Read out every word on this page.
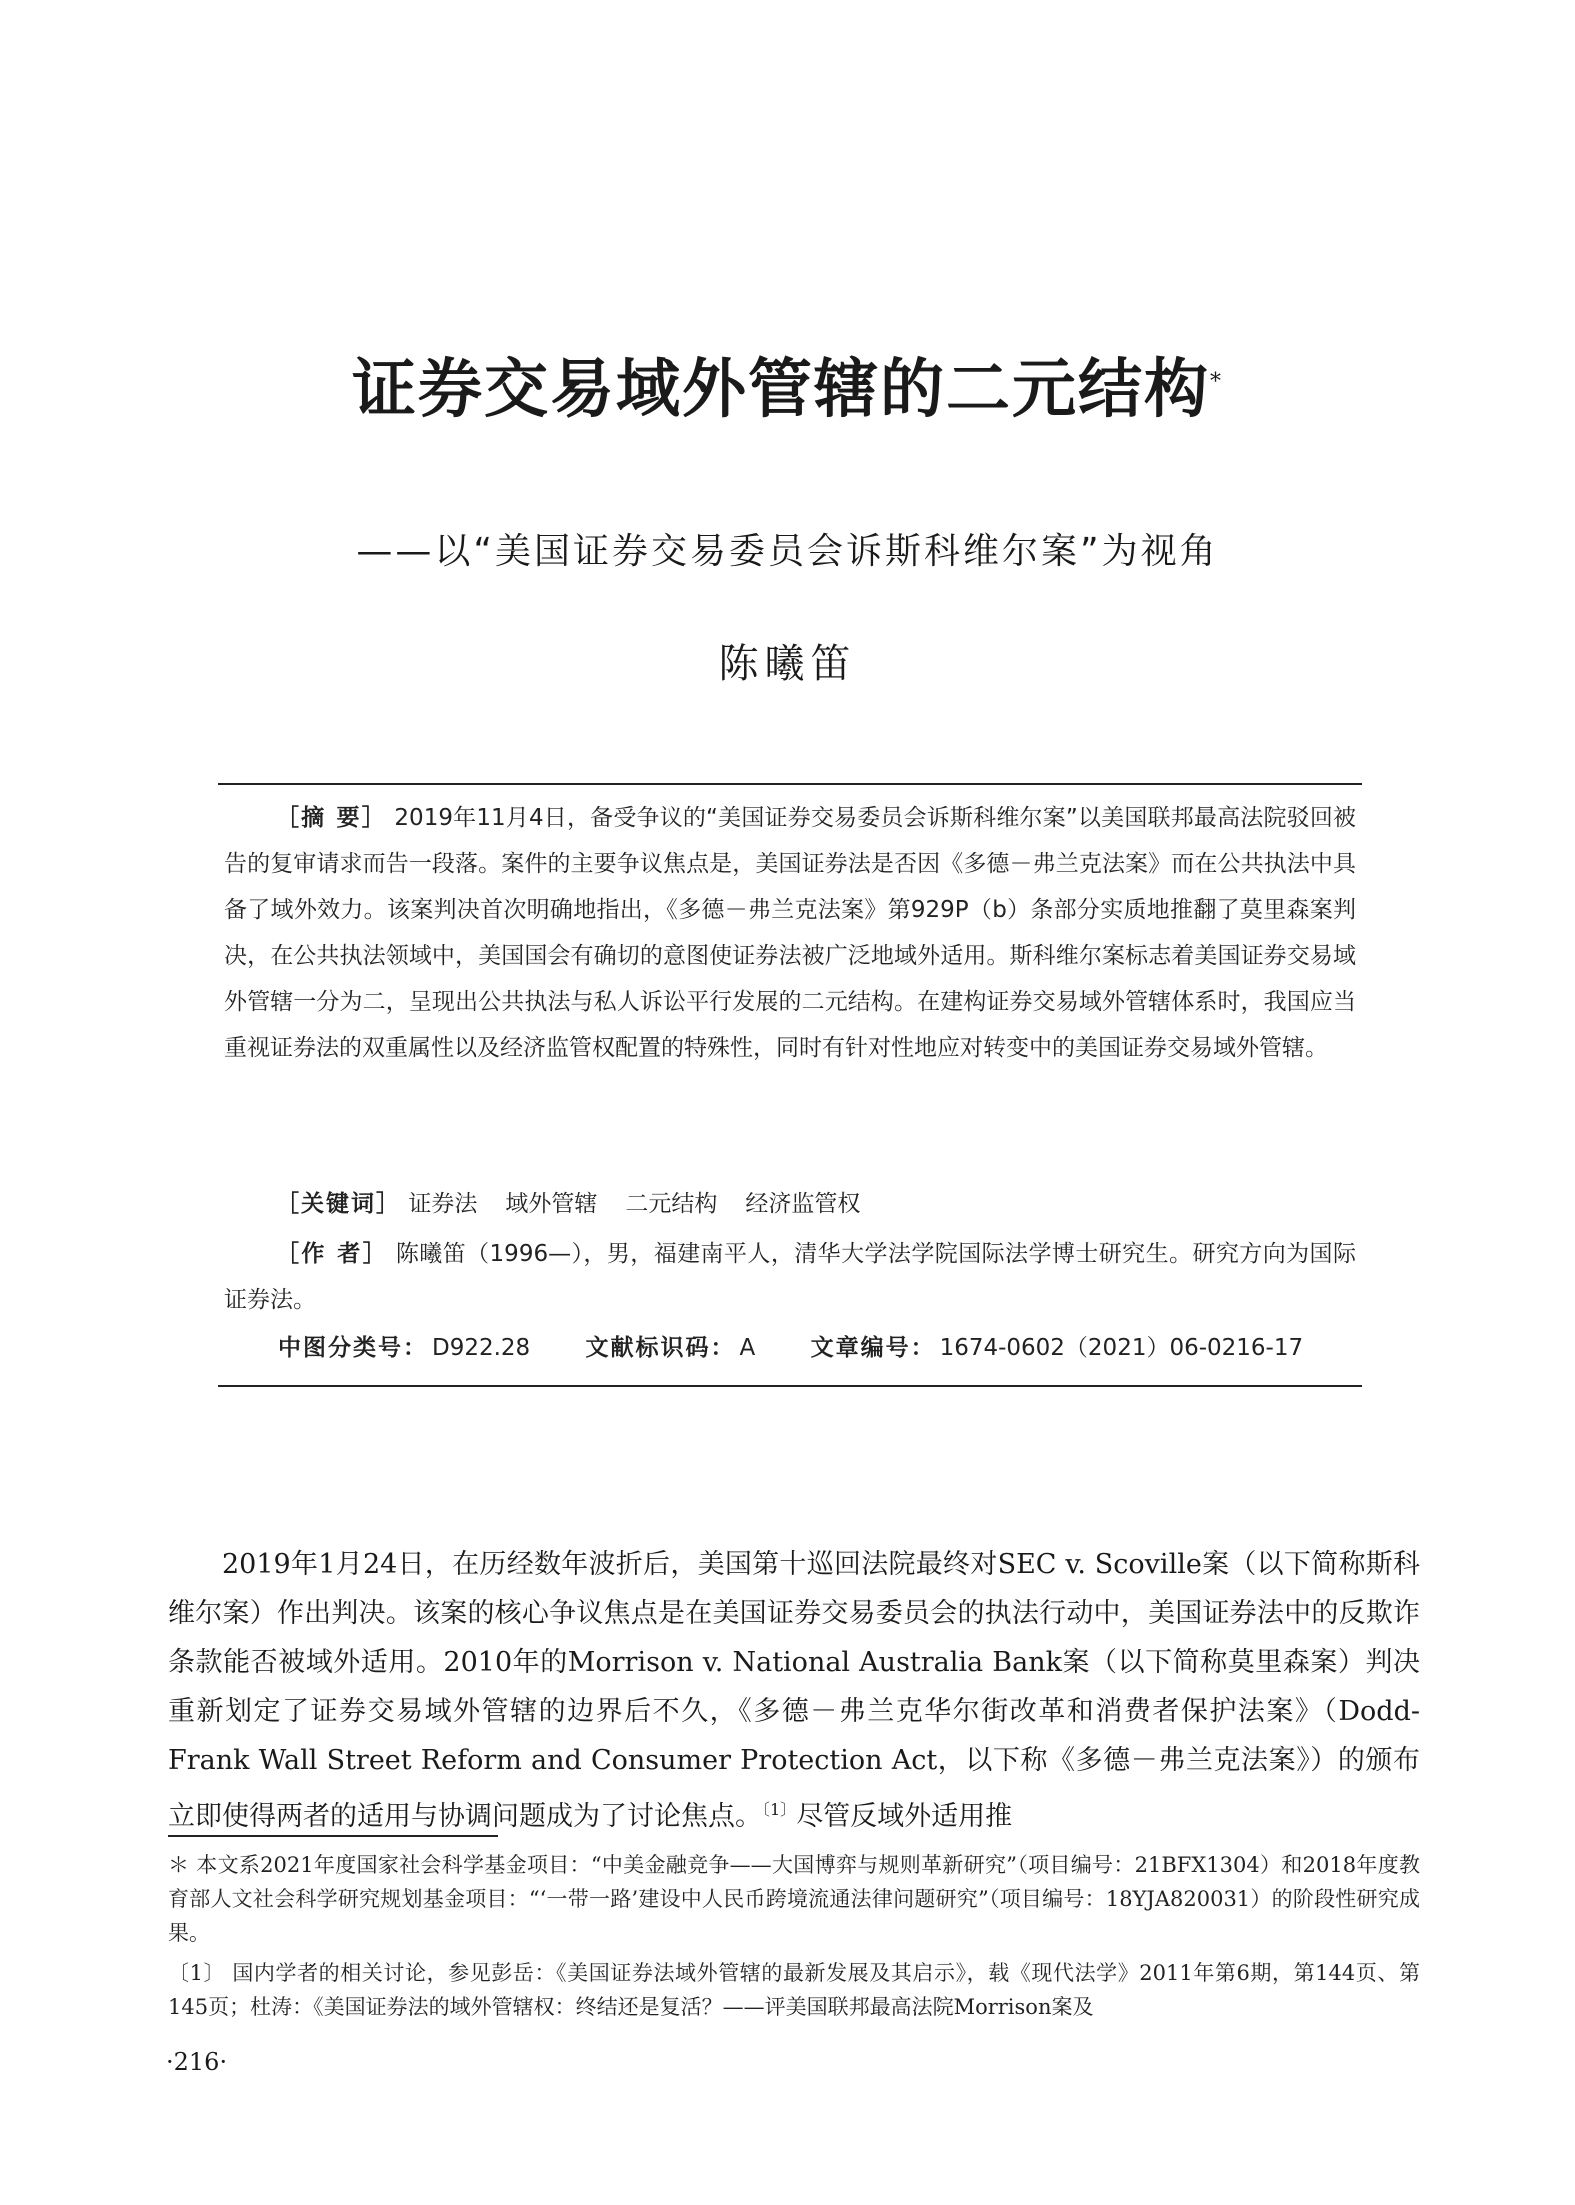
证券交易域外管辖的二元结构*
——以“美国证券交易委员会诉斯科维尔案”为视角
陈曦笛
［摘 要］ 2019年11月4日，备受争议的“美国证券交易委员会诉斯科维尔案”以美国联邦最高法院驳回被告的复审请求而告一段落。案件的主要争议焦点是，美国证券法是否因《多德－弗兰克法案》而在公共执法中具备了域外效力。该案判决首次明确地指出，《多德－弗兰克法案》第929P（b）条部分实质地推翻了莫里森案判决，在公共执法领域中，美国国会有确切的意图使证券法被广泛地域外适用。斯科维尔案标志着美国证券交易域外管辖一分为二，呈现出公共执法与私人诉讼平行发展的二元结构。在建构证券交易域外管辖体系时，我国应当重视证券法的双重属性以及经济监管权配置的特殊性，同时有针对性地应对转变中的美国证券交易域外管辖。
［关键词］ 证券法 域外管辖 二元结构 经济监管权
［作 者］ 陈曦笛（1996—），男，福建南平人，清华大学法学院国际法学博士研究生。研究方向为国际证券法。
中图分类号： D922.28 文献标识码： A 文章编号： 1674-0602（2021）06-0216-17
2019年1月24日，在历经数年波折后，美国第十巡回法院最终对SEC v. Scoville案（以下简称斯科维尔案）作出判决。该案的核心争议焦点是在美国证券交易委员会的执法行动中，美国证券法中的反欺诈条款能否被域外适用。2010年的Morrison v. National Australia Bank案（以下简称莫里森案）判决重新划定了证券交易域外管辖的边界后不久，《多德－弗兰克华尔街改革和消费者保护法案》（Dodd-Frank Wall Street Reform and Consumer Protection Act，以下称《多德－弗兰克法案》）的颁布立即使得两者的适用与协调问题成为了讨论焦点。$^{〔1〕}$尽管反域外适用推

＊ 本文系2021年度国家社会科学基金项目：“中美金融竞争——大国博弈与规则革新研究”（项目编号：21BFX1304）和2018年度教育部人文社会科学研究规划基金项目：“‘一带一路’建设中人民币跨境流通法律问题研究”（项目编号：18YJA820031）的阶段性研究成果。

〔1〕 国内学者的相关讨论，参见彭岳：《美国证券法域外管辖的最新发展及其启示》，载《现代法学》2011年第6期，第144页、第145页；杜涛：《美国证券法的域外管辖权：终结还是复活？——评美国联邦最高法院Morrison案及

·216·
